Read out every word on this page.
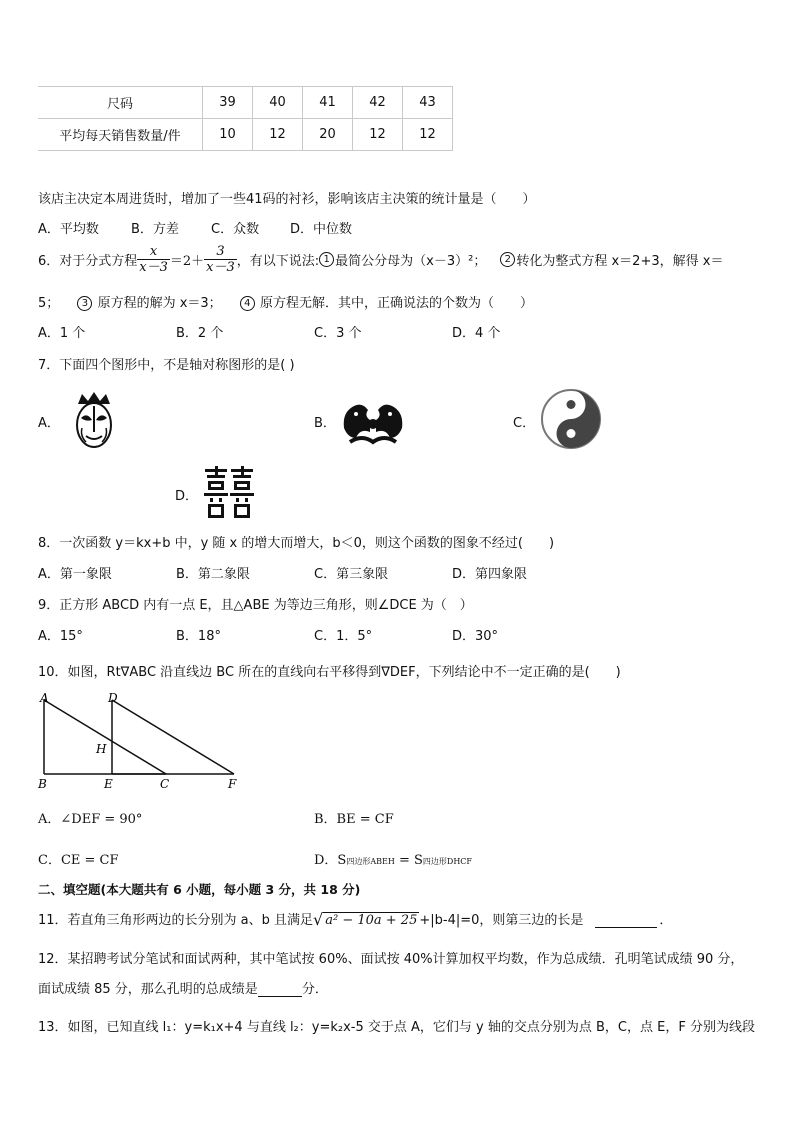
尺码	39	40	41	42	43
平均每天销售数量/件	10	12	20	12	12
该店主决定本周进货时，增加了一些41码的衬衫，影响该店主决策的统计量是（　　）
A．平均数 B．方差 C．众数 D．中位数
6．对于分式方程 $\frac{x}{x-3} =2+ \frac{3}{x-3}$ ，有以下说法: 1 最简公分母为（x－3）²；	2 转化为整式方程 x＝2+3，解得 x＝
5； 3 原方程的解为 x＝3； 4 原方程无解．其中，正确说法的个数为（　　）
A．1 个	B．2 个	C．3 个	D．4 个
7．下面四个图形中，不是轴对称图形的是( )
A．	B．	C．
D．
8．一次函数 y＝kx+b 中，y 随 x 的增大而增大，b＜0，则这个函数的图象不经过(　　)
A．第一象限	B．第二象限	C．第三象限	D．第四象限
9．正方形 ABCD 内有一点 E，且△ABE 为等边三角形，则∠DCE 为（　）
A．15°	B．18°	C．1．5°	D．30°
10．如图，Rt∇ABC 沿直线边 BC 所在的直线向右平移得到∇DEF，下列结论中不一定正确的是(　　)
A	D
H
B	E	C	F
A．∠DEF = 90°	B．BE = CF
C．CE = CF	D．S四边形ABEH = S四边形DHCF
二、填空题(本大题共有 6 小题，每小题 3 分，共 18 分)
11．若直角三角形两边的长分别为 a、b 且满足 √ a² − 10a + 25 +|b-4|=0，则第三边的长是	．
12．某招聘考试分笔试和面试两种，其中笔试按 60%、面试按 40%计算加权平均数，作为总成绩．孔明笔试成绩 90 分，
面试成绩 85 分，那么孔明的总成绩是	分．
13．如图，已知直线 l₁：y=k₁x+4 与直线 l₂：y=k₂x-5 交于点 A，它们与 y 轴的交点分别为点 B，C，点 E，F 分别为线段
